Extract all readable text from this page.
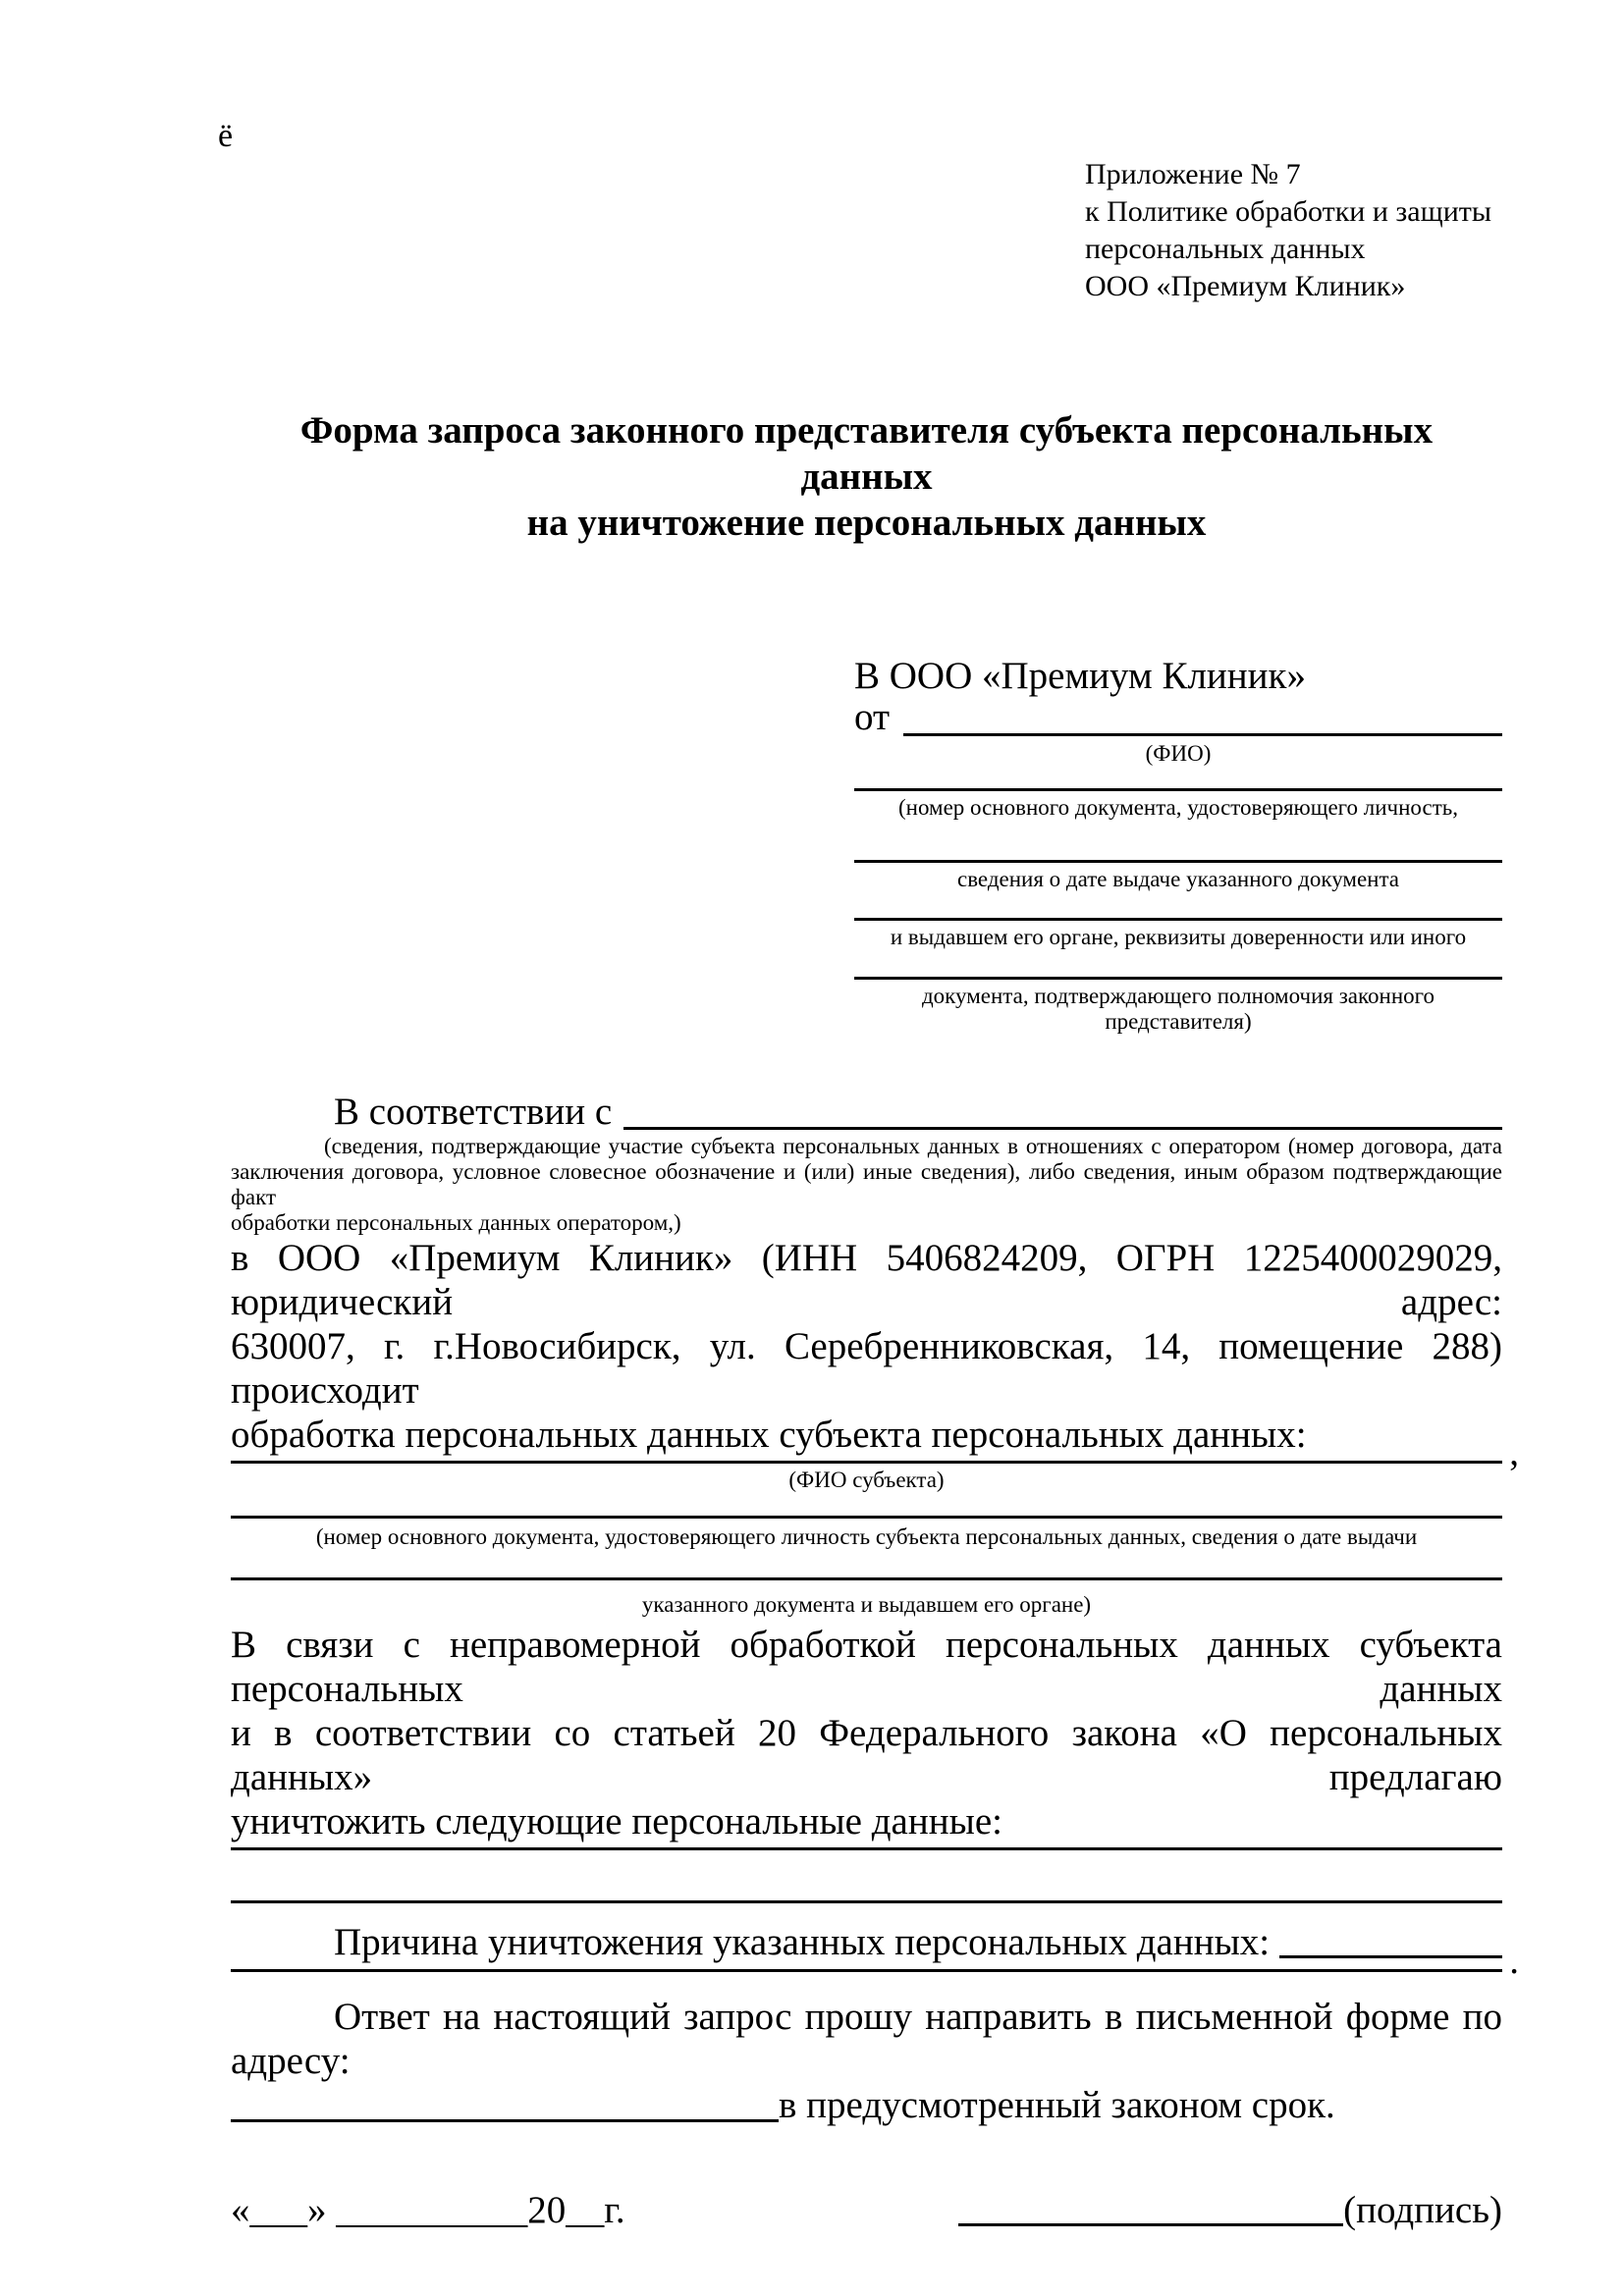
ё
Приложение № 7
к Политике обработки и защиты
персональных данных
ООО «Премиум Клиник»
Форма запроса законного представителя субъекта персональных данных
на уничтожение персональных данных
В ООО «Премиум Клиник»
от
(ФИО)
(номер основного документа, удостоверяющего личность,
сведения о дате выдаче указанного документа
и выдавшем его органе, реквизиты доверенности или иного
документа, подтверждающего полномочия законного представителя)
В соответствии с
(сведения, подтверждающие участие субъекта персональных данных в отношениях с оператором (номер договора, дата
заключения договора, условное словесное обозначение и (или) иные сведения), либо сведения, иным образом подтверждающие факт
обработки персональных данных оператором,)
в ООО «Премиум Клиник» (ИНН 5406824209, ОГРН 1225400029029, юридический адрес:
630007, г. г.Новосибирск, ул. Серебренниковская, 14, помещение 288) происходит
обработка персональных данных субъекта персональных данных:	,
(ФИО субъекта)
(номер основного документа, удостоверяющего личность субъекта персональных данных, сведения о дате выдачи
указанного документа и выдавшем его органе)
В связи с неправомерной обработкой персональных данных субъекта персональных данных
и в соответствии со статьей 20 Федерального закона «О персональных данных» предлагаю
уничтожить следующие персональные данные:
Причина уничтожения указанных персональных данных:	.
Ответ на настоящий запрос прошу направить в письменной форме по адресу:
в предусмотренный законом срок.
«___» __________20__г.	(подпись)
